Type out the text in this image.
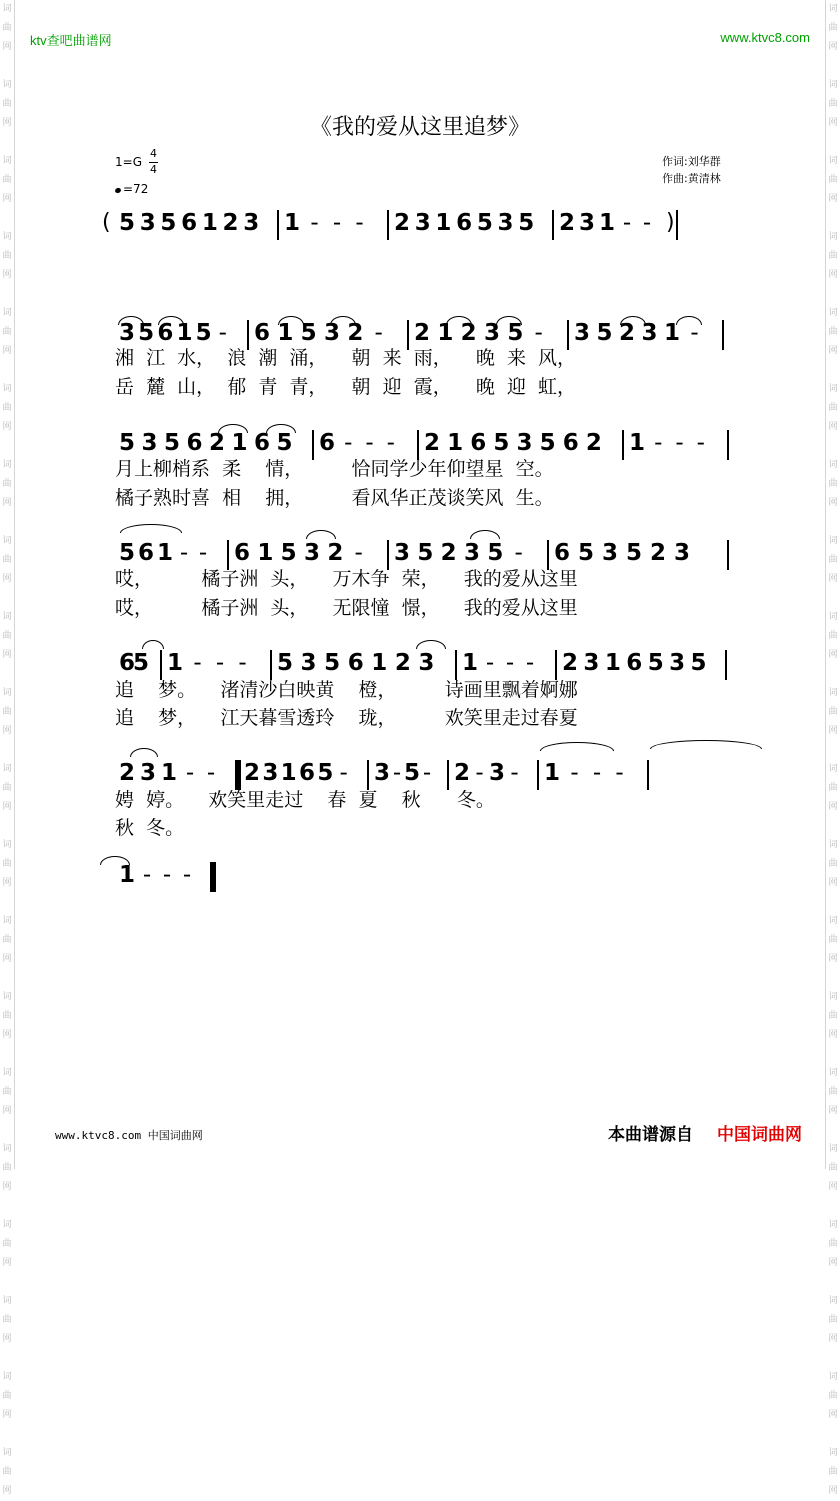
词
曲
网

词
曲
网

词
曲
网

词
曲
网

词
曲
网

词
曲
网

词
曲
网

词
曲
网

词
曲
网

词
曲
网

词
曲
网

词
曲
网

词
曲
网

词
曲
网

词
曲
网

词
曲
网

词
曲
网

词
曲
网

词
曲
网

词
曲
网

词
曲
网

词
曲
网

词
曲
网

词
曲
网

词
曲
网

词
曲
网

词
曲
网

词
曲
网

词
曲
网

词
曲
网

词
曲
网

词
曲
网

词
曲
网

词
曲
网

词
曲
网

词
曲
网

词
曲
网

词
曲
网

词
曲
网

词
曲
网

ktv查吧曲谱网	www.ktvc8.com
《我的爱从这里追梦》
1=G
4
4
=72
作词:刘华群
作曲:黄清林
( 5 3 5 6 1 2 3 1 - - - 2 3 1 6 5 3 5 2 3 1 - - )
3 5 6 1 5 - 6 1 5 3 2 - 2 1 2 3 5 - 3 5 2 3 1 -
5 3 5 6 2 1 6 5 6 - - - 2 1 6 5 3 5 6 2 1 - - -
5 6 1 - - 6 1 5 3 2 - 3 5 2 3 5 - 6 5 3 5 2 3
6
5 1 - - - 5 3 5 6 1 2 3 1 - - - 2 3 1 6 5 3 5
2 3 1 - - 2 3 1 6 5 - 3 - 5 - 2 - 3 - 1 - - -
1 - - -
湘  江  水，  浪  潮  涌，    朝  来  雨，    晚  来  风，
岳  麓  山，  郁  青  青，    朝  迎  霞，    晚  迎  虹，
月上柳梢系  柔    情，        恰同学少年仰望星  空。
橘子熟时喜  相    拥，        看风华正茂谈笑风  生。
哎，        橘子洲  头，    万木争  荣，    我的爱从这里
哎，        橘子洲  头，    无限憧  憬，    我的爱从这里
追    梦。    渚清沙白映黄    橙，        诗画里飘着婀娜
追    梦，    江天暮雪透玲    珑，        欢笑里走过春夏
娉  婷。    欢笑里走过    春  夏    秋      冬。
秋  冬。
www.ktvc8.com 中国词曲网	本曲谱源自 中国词曲网
